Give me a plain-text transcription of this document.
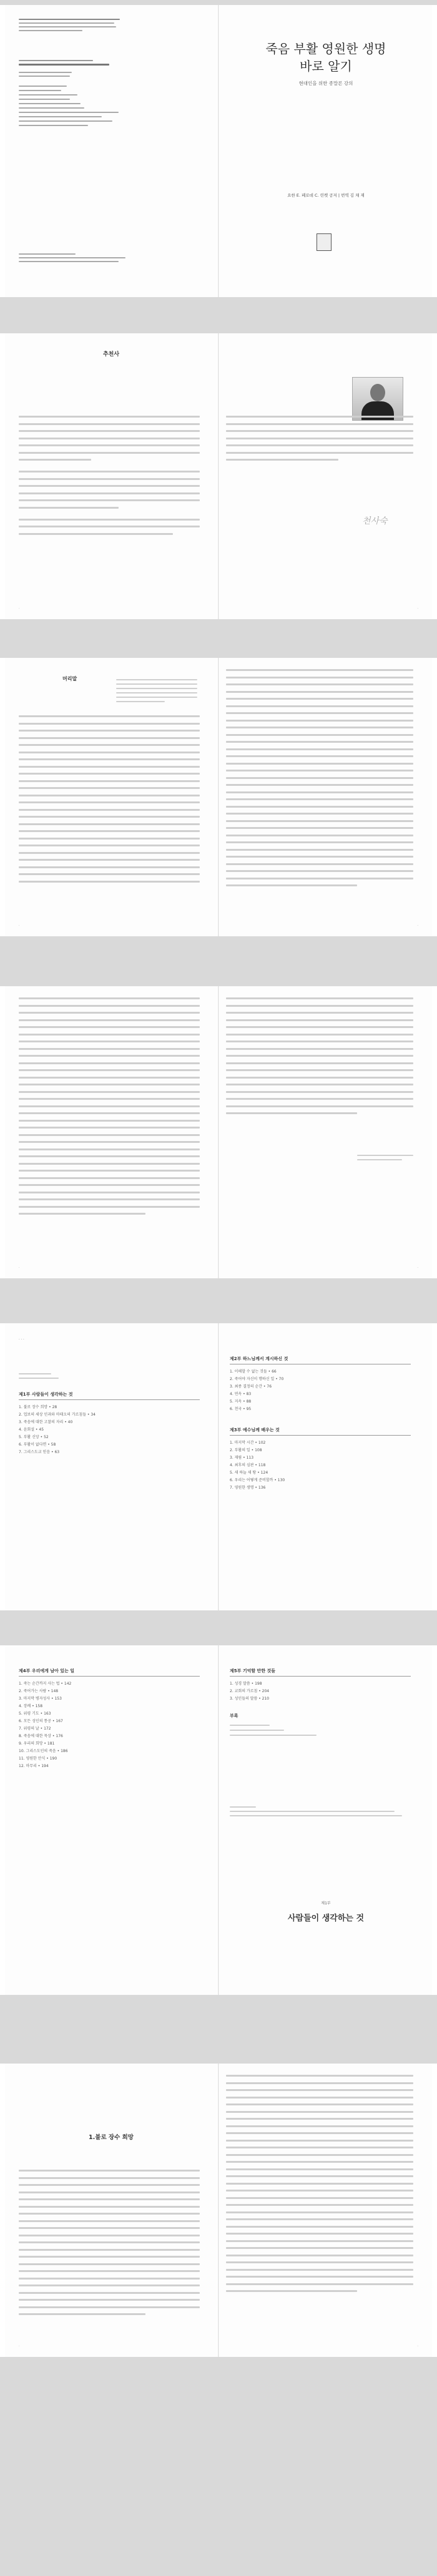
죽음 부활 영원한 생명
바로 알기
현대인을 위한 종말론 강의
요한 E. 페로데 C. 린켓 공저 | 번역 김 채 재
추천사
·
천사숙
·
머리말
·	·
·	·
· · ·
제1부 사람들이 생각하는 것
1. 불로 장수 희망 • 28
2. 업보의 세상 인과와 마태오의 가르침들 • 34
3. 죽음에 대한 고찰의 자리 • 40
4. 윤회설 • 45
5. 부활 신앙 • 52
6. 부활이 없다면 • 58
7. 그리스도교 믿음 • 63
제2부 하느님께서 계시하신 것
1. 이해할 수 없는 것들 • 66
2. 죽어야 자신이 행하신 일 • 70
3. 최종 결정의 순간 • 76
4. 연옥 • 83
5. 지옥 • 88
6. 천국 • 95
제3부 예수님께 배우는 것
1. 마지막 시간 • 102
2. 부활의 일 • 108
3. 재림 • 113
4. 최후의 심판 • 118
5. 새 하늘 새 땅 • 124
6. 우리는 어떻게 준비할까 • 130
7. 영원한 생명 • 136
제4부 우리에게 남아 있는 일
1. 죽는 순간까지 사는 법 • 142
2. 죽어가는 사람 • 148
3. 마지막 병자성사 • 153
4. 장례 • 158
5. 위령 기도 • 163
6. 모든 성인의 통공 • 167
7. 위령의 날 • 172
8. 죽음에 대한 묵상 • 176
9. 우리의 희망 • 181
10. 그리스도인의 죽음 • 186
11. 영원한 안식 • 190
12. 마무리 • 194
제5부 기억할 만한 것들
1. 성경 말씀 • 198
2. 교회의 가르침 • 204
3. 성인들의 말씀 • 210
부록
제1부
사람들이 생각하는 것
1.불로 장수 희망
·	·
